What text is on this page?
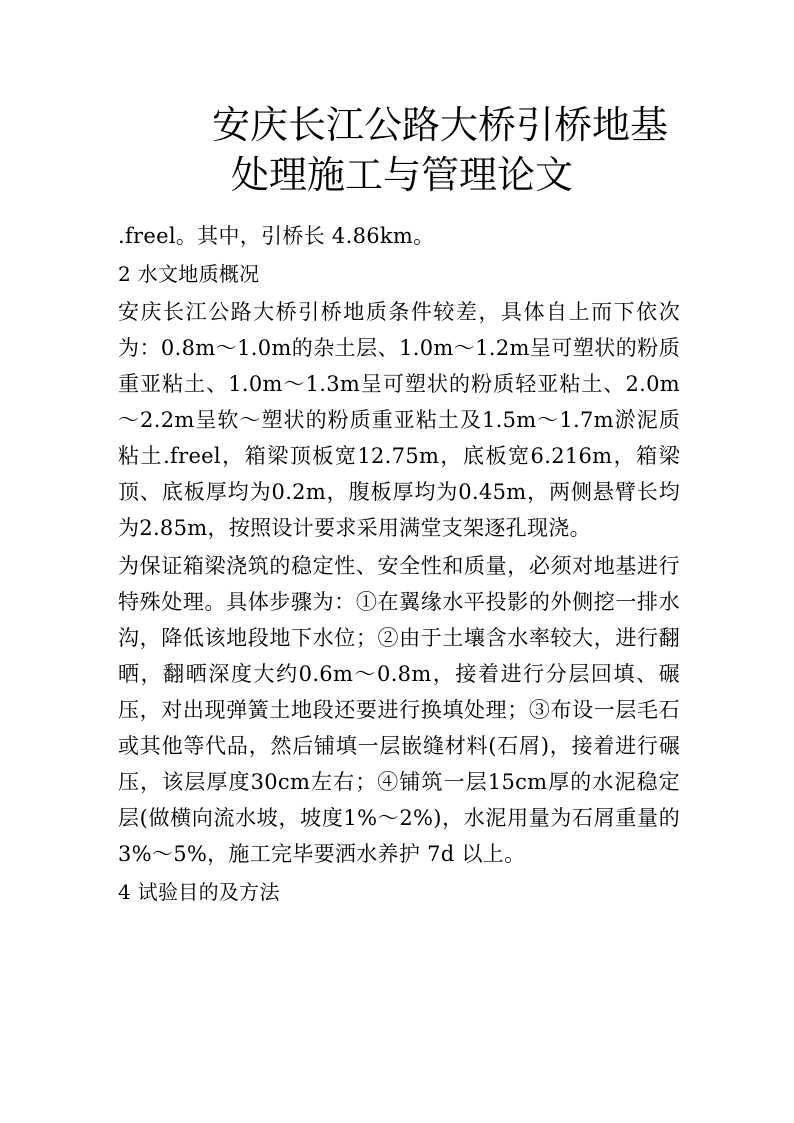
安庆长江公路大桥引桥地基
处理施工与管理论文

.freel。其中，引桥长 4.86km。

2 水文地质概况

安庆长江公路大桥引桥地质条件较差，具体自上而下依次为：0.8m～1.0m的杂土层、1.0m～1.2m呈可塑状的粉质重亚粘土、1.0m～1.3m呈可塑状的粉质轻亚粘土、2.0m～2.2m呈软～塑状的粉质重亚粘土及1.5m～1.7m淤泥质粘土.freel，箱梁顶板宽12.75m，底板宽6.216m，箱梁顶、底板厚均为0.2m，腹板厚均为0.45m，两侧悬臂长均为2.85m，按照设计要求采用满堂支架逐孔现浇。

为保证箱梁浇筑的稳定性、安全性和质量，必须对地基进行特殊处理。具体步骤为：①在翼缘水平投影的外侧挖一排水沟，降低该地段地下水位；②由于土壤含水率较大，进行翻晒，翻晒深度大约0.6m～0.8m，接着进行分层回填、碾压，对出现弹簧土地段还要进行换填处理；③布设一层毛石或其他等代品，然后铺填一层嵌缝材料(石屑)，接着进行碾压，该层厚度30cm左右；④铺筑一层15cm厚的水泥稳定层(做横向流水坡，坡度1%～2%)，水泥用量为石屑重量的3%～5%，施工完毕要洒水养护 7d 以上。

4 试验目的及方法
